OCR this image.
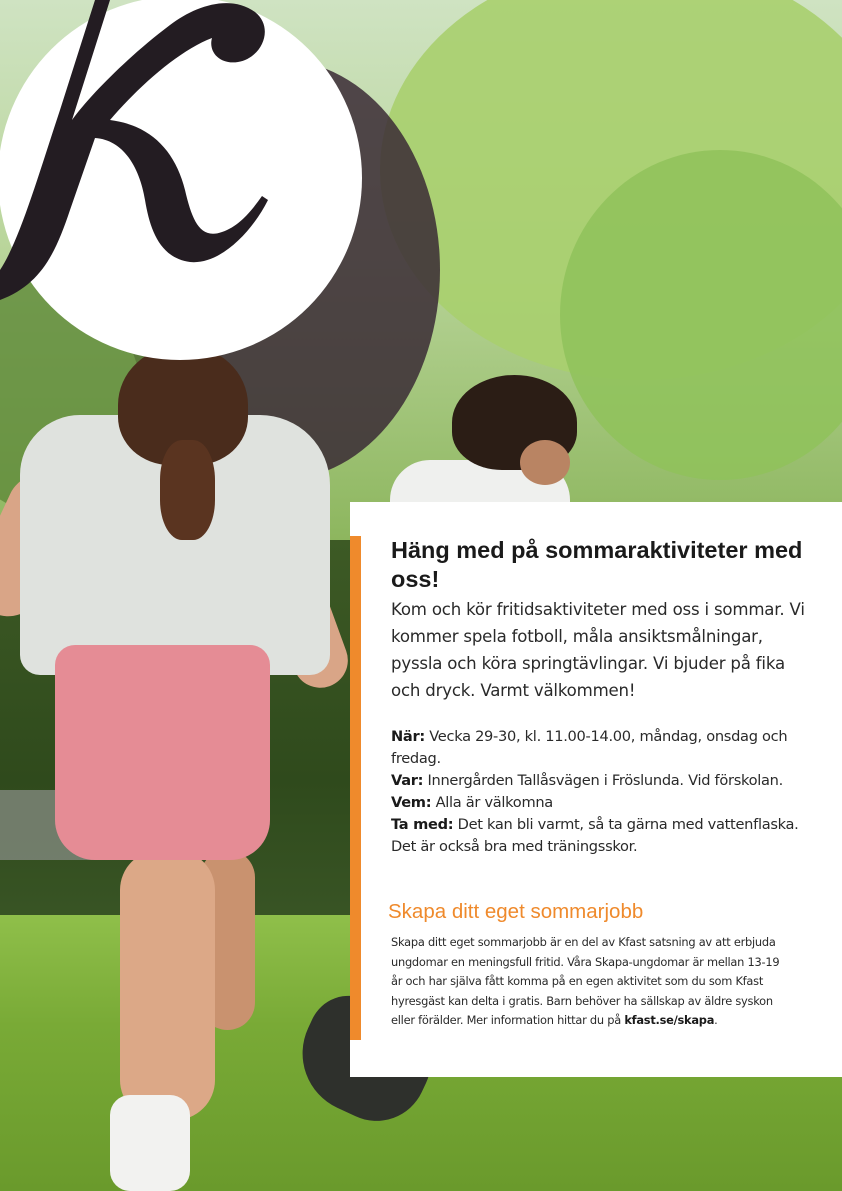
Häng med på sommaraktiviteter med oss!

Kom och kör fritidsaktiviteter med oss i sommar. Vi kommer spela fotboll, måla ansiktsmålningar, pyssla och köra springtävlingar. Vi bjuder på fika och dryck. Varmt välkommen!

När: Vecka 29-30, kl. 11.00-14.00, måndag, onsdag och fredag.

Var: Innergården Tallåsvägen i Fröslunda. Vid förskolan.

Vem: Alla är välkomna

Ta med: Det kan bli varmt, så ta gärna med vattenflaska. Det är också bra med träningsskor.

Skapa ditt eget sommarjobb

Skapa ditt eget sommarjobb är en del av Kfast satsning av att erbjuda ungdomar en meningsfull fritid. Våra Skapa-ungdomar är mellan 13-19 år och har själva fått komma på en egen aktivitet som du som Kfast hyresgäst kan delta i gratis. Barn behöver ha sällskap av äldre syskon eller förälder. Mer information hittar du på kfast.se/skapa.
